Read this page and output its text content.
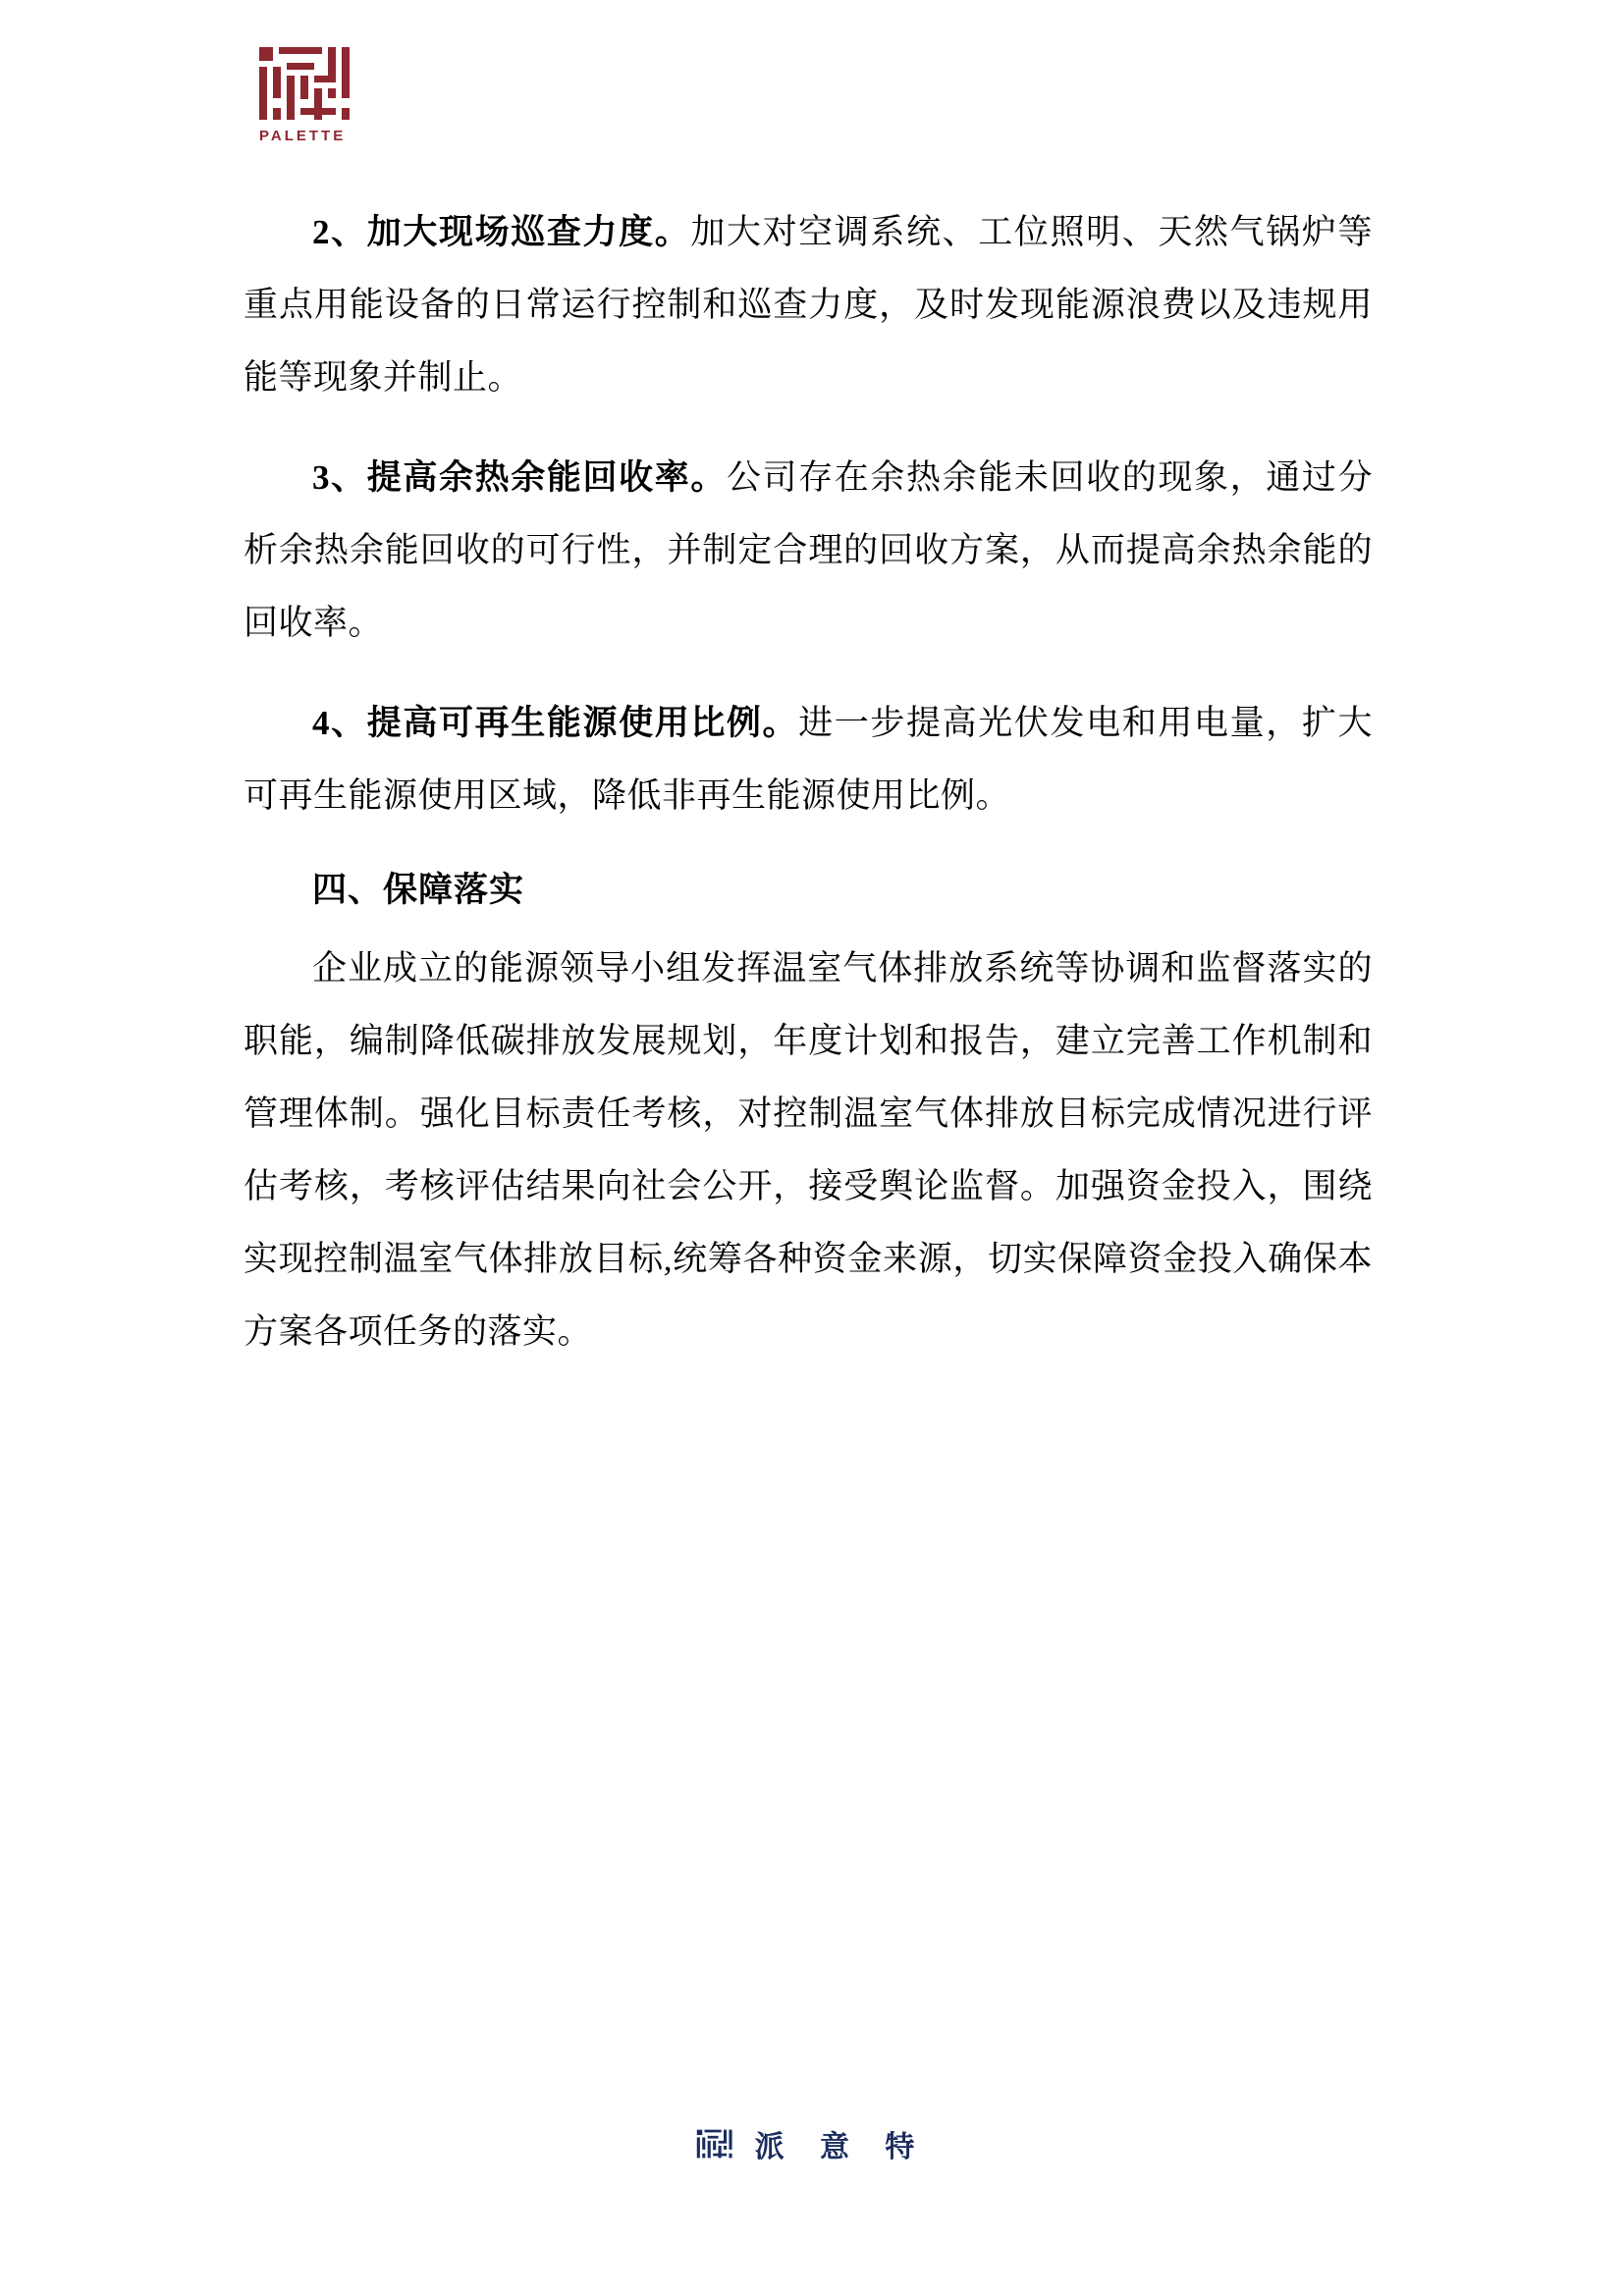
PALETTE

2、加大现场巡查力度。加大对空调系统、工位照明、天然气锅炉等重点用能设备的日常运行控制和巡查力度，及时发现能源浪费以及违规用能等现象并制止。

3、提高余热余能回收率。公司存在余热余能未回收的现象，通过分析余热余能回收的可行性，并制定合理的回收方案，从而提高余热余能的回收率。

4、提高可再生能源使用比例。进一步提高光伏发电和用电量，扩大可再生能源使用区域，降低非再生能源使用比例。

四、保障落实

企业成立的能源领导小组发挥温室气体排放系统等协调和监督落实的职能，编制降低碳排放发展规划，年度计划和报告，建立完善工作机制和管理体制。强化目标责任考核，对控制温室气体排放目标完成情况进行评估考核，考核评估结果向社会公开，接受舆论监督。加强资金投入，围绕实现控制温室气体排放目标,统筹各种资金来源，切实保障资金投入确保本方案各项任务的落实。

派 意 特
